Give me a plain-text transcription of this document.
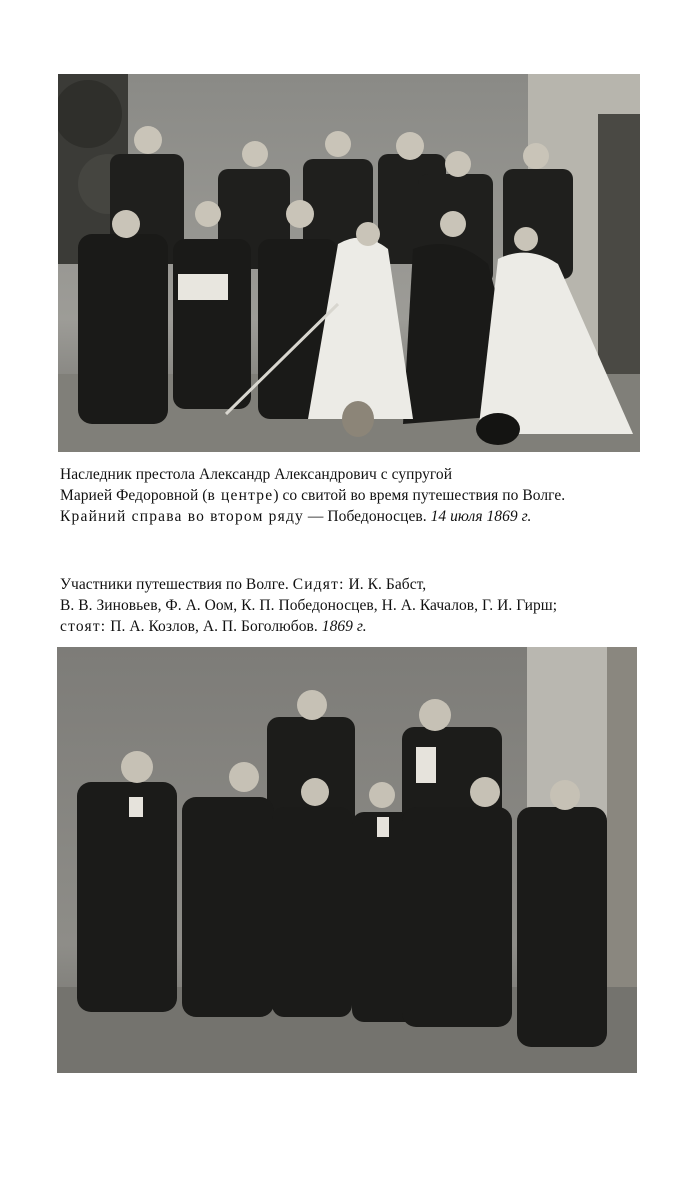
Наследник престола Александр Александрович с супругой
Марией Федоровной (в центре) со свитой во время путешествия по Волге.
Крайний справа во втором ряду — Победоносцев. 14 июля 1869 г.
Участники путешествия по Волге. Сидят: И. К. Бабст,
В. В. Зиновьев, Ф. А. Оом, К. П. Победоносцев, Н. А. Качалов, Г. И. Гирш;
стоят: П. А. Козлов, А. П. Боголюбов. 1869 г.
